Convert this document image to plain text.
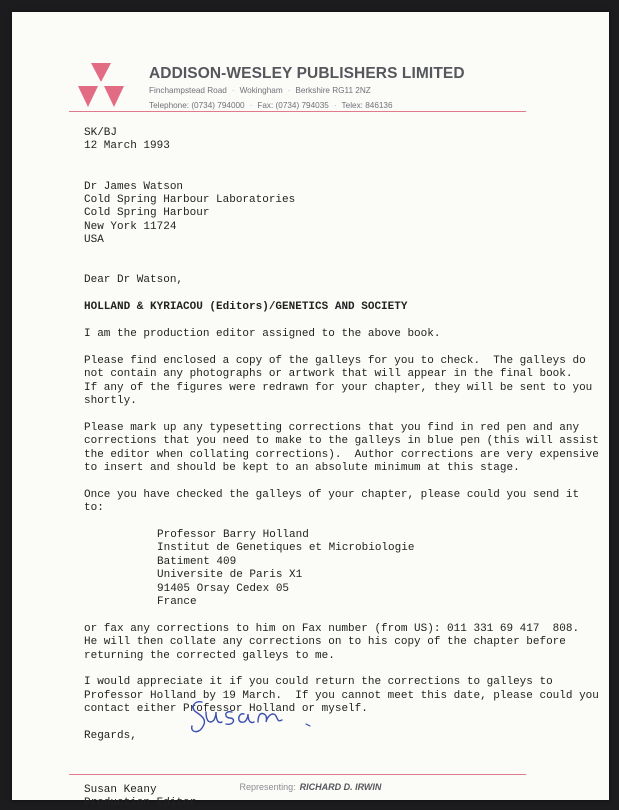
ADDISON-WESLEY PUBLISHERS LIMITED
Finchampstead Road · Wokingham · Berkshire RG11 2NZ
Telephone: (0734) 794000 · Fax: (0734) 794035 · Telex: 846136

SK/BJ

12 March 1993

Dr James Watson

Cold Spring Harbour Laboratories

Cold Spring Harbour

New York 11724

USA

Dear Dr Watson,

HOLLAND & KYRIACOU (Editors)/GENETICS AND SOCIETY

I am the production editor assigned to the above book.

Please find enclosed a copy of the galleys for you to check.  The galleys do

not contain any photographs or artwork that will appear in the final book.

If any of the figures were redrawn for your chapter, they will be sent to you

shortly.

Please mark up any typesetting corrections that you find in red pen and any

corrections that you need to make to the galleys in blue pen (this will assist

the editor when collating corrections).  Author corrections are very expensive

to insert and should be kept to an absolute minimum at this stage.

Once you have checked the galleys of your chapter, please could you send it

to:

Professor Barry Holland

Institut de Genetiques et Microbiologie

Batiment 409

Universite de Paris X1

91405 Orsay Cedex 05

France

or fax any corrections to him on Fax number (from US): 011 331 69 417  808.

He will then collate any corrections on to his copy of the chapter before

returning the corrected galleys to me.

I would appreciate it if you could return the corrections to galleys to

Professor Holland by 19 March.  If you cannot meet this date, please could you

contact either Professor Holland or myself.

Regards,

Susan Keany

Production Editor

Representing: RICHARD D. IRWIN
